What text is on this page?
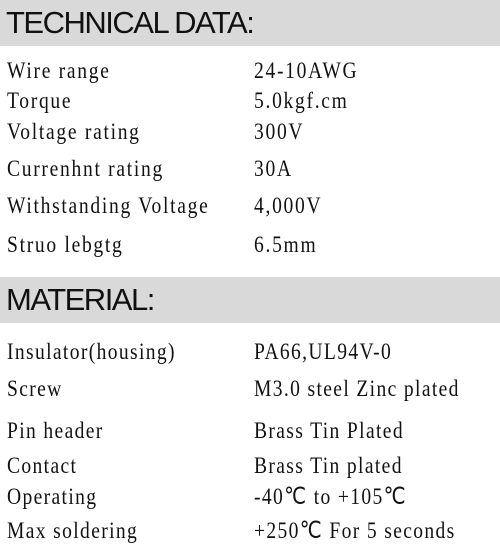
TECHNICAL DATA:
Wire range	24-10AWG
Torque	5.0kgf.cm
Voltage rating	300V
Currenhnt rating	30A
Withstanding Voltage 4,000V
Struo lebgtg	6.5mm
MATERIAL:
Insulator(housing)	PA66,UL94V-0
Screw	M3.0 steel Zinc plated
Pin header	Brass Tin Plated
Contact	Brass Tin plated
Operating	-40℃ to +105℃
Max soldering	+250℃ For 5 seconds
